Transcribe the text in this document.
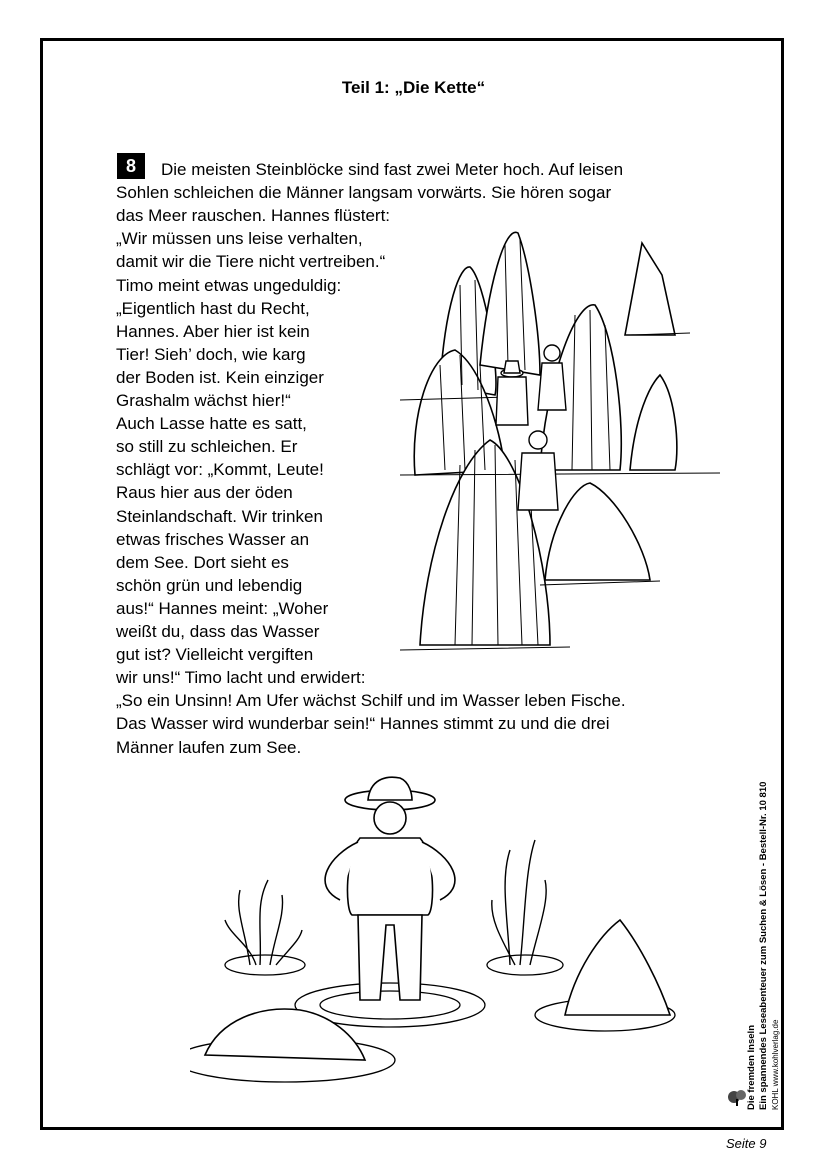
Teil 1: „Die Kette“
8	Die meisten Steinblöcke sind fast zwei Meter hoch. Auf leisen
Sohlen schleichen die Männer langsam vorwärts. Sie hören sogar
das Meer rauschen. Hannes flüstert:
„Wir müssen uns leise verhalten,
damit wir die Tiere nicht vertreiben.“
Timo meint etwas ungeduldig:
„Eigentlich hast du Recht,
Hannes. Aber hier ist kein
Tier! Sieh’ doch, wie karg
der Boden ist. Kein einziger
Grashalm wächst hier!“
Auch Lasse hatte es satt,
so still zu schleichen. Er
schlägt vor: „Kommt, Leute!
Raus hier aus der öden
Steinlandschaft. Wir trinken
etwas frisches Wasser an
dem See. Dort sieht es
schön grün und lebendig
aus!“ Hannes meint: „Woher
weißt du, dass das Wasser
gut ist? Vielleicht vergiften
wir uns!“ Timo lacht und erwidert:
„So ein Unsinn! Am Ufer wächst Schilf und im Wasser leben Fische.
Das Wasser wird wunderbar sein!“ Hannes stimmt zu und die drei
Männer laufen zum See.
Die fremden Inseln Ein spannendes Leseabenteuer zum Suchen & Lösen - Bestell-Nr. 10 810 KOHL www.kohlverlag.de
Seite 9
